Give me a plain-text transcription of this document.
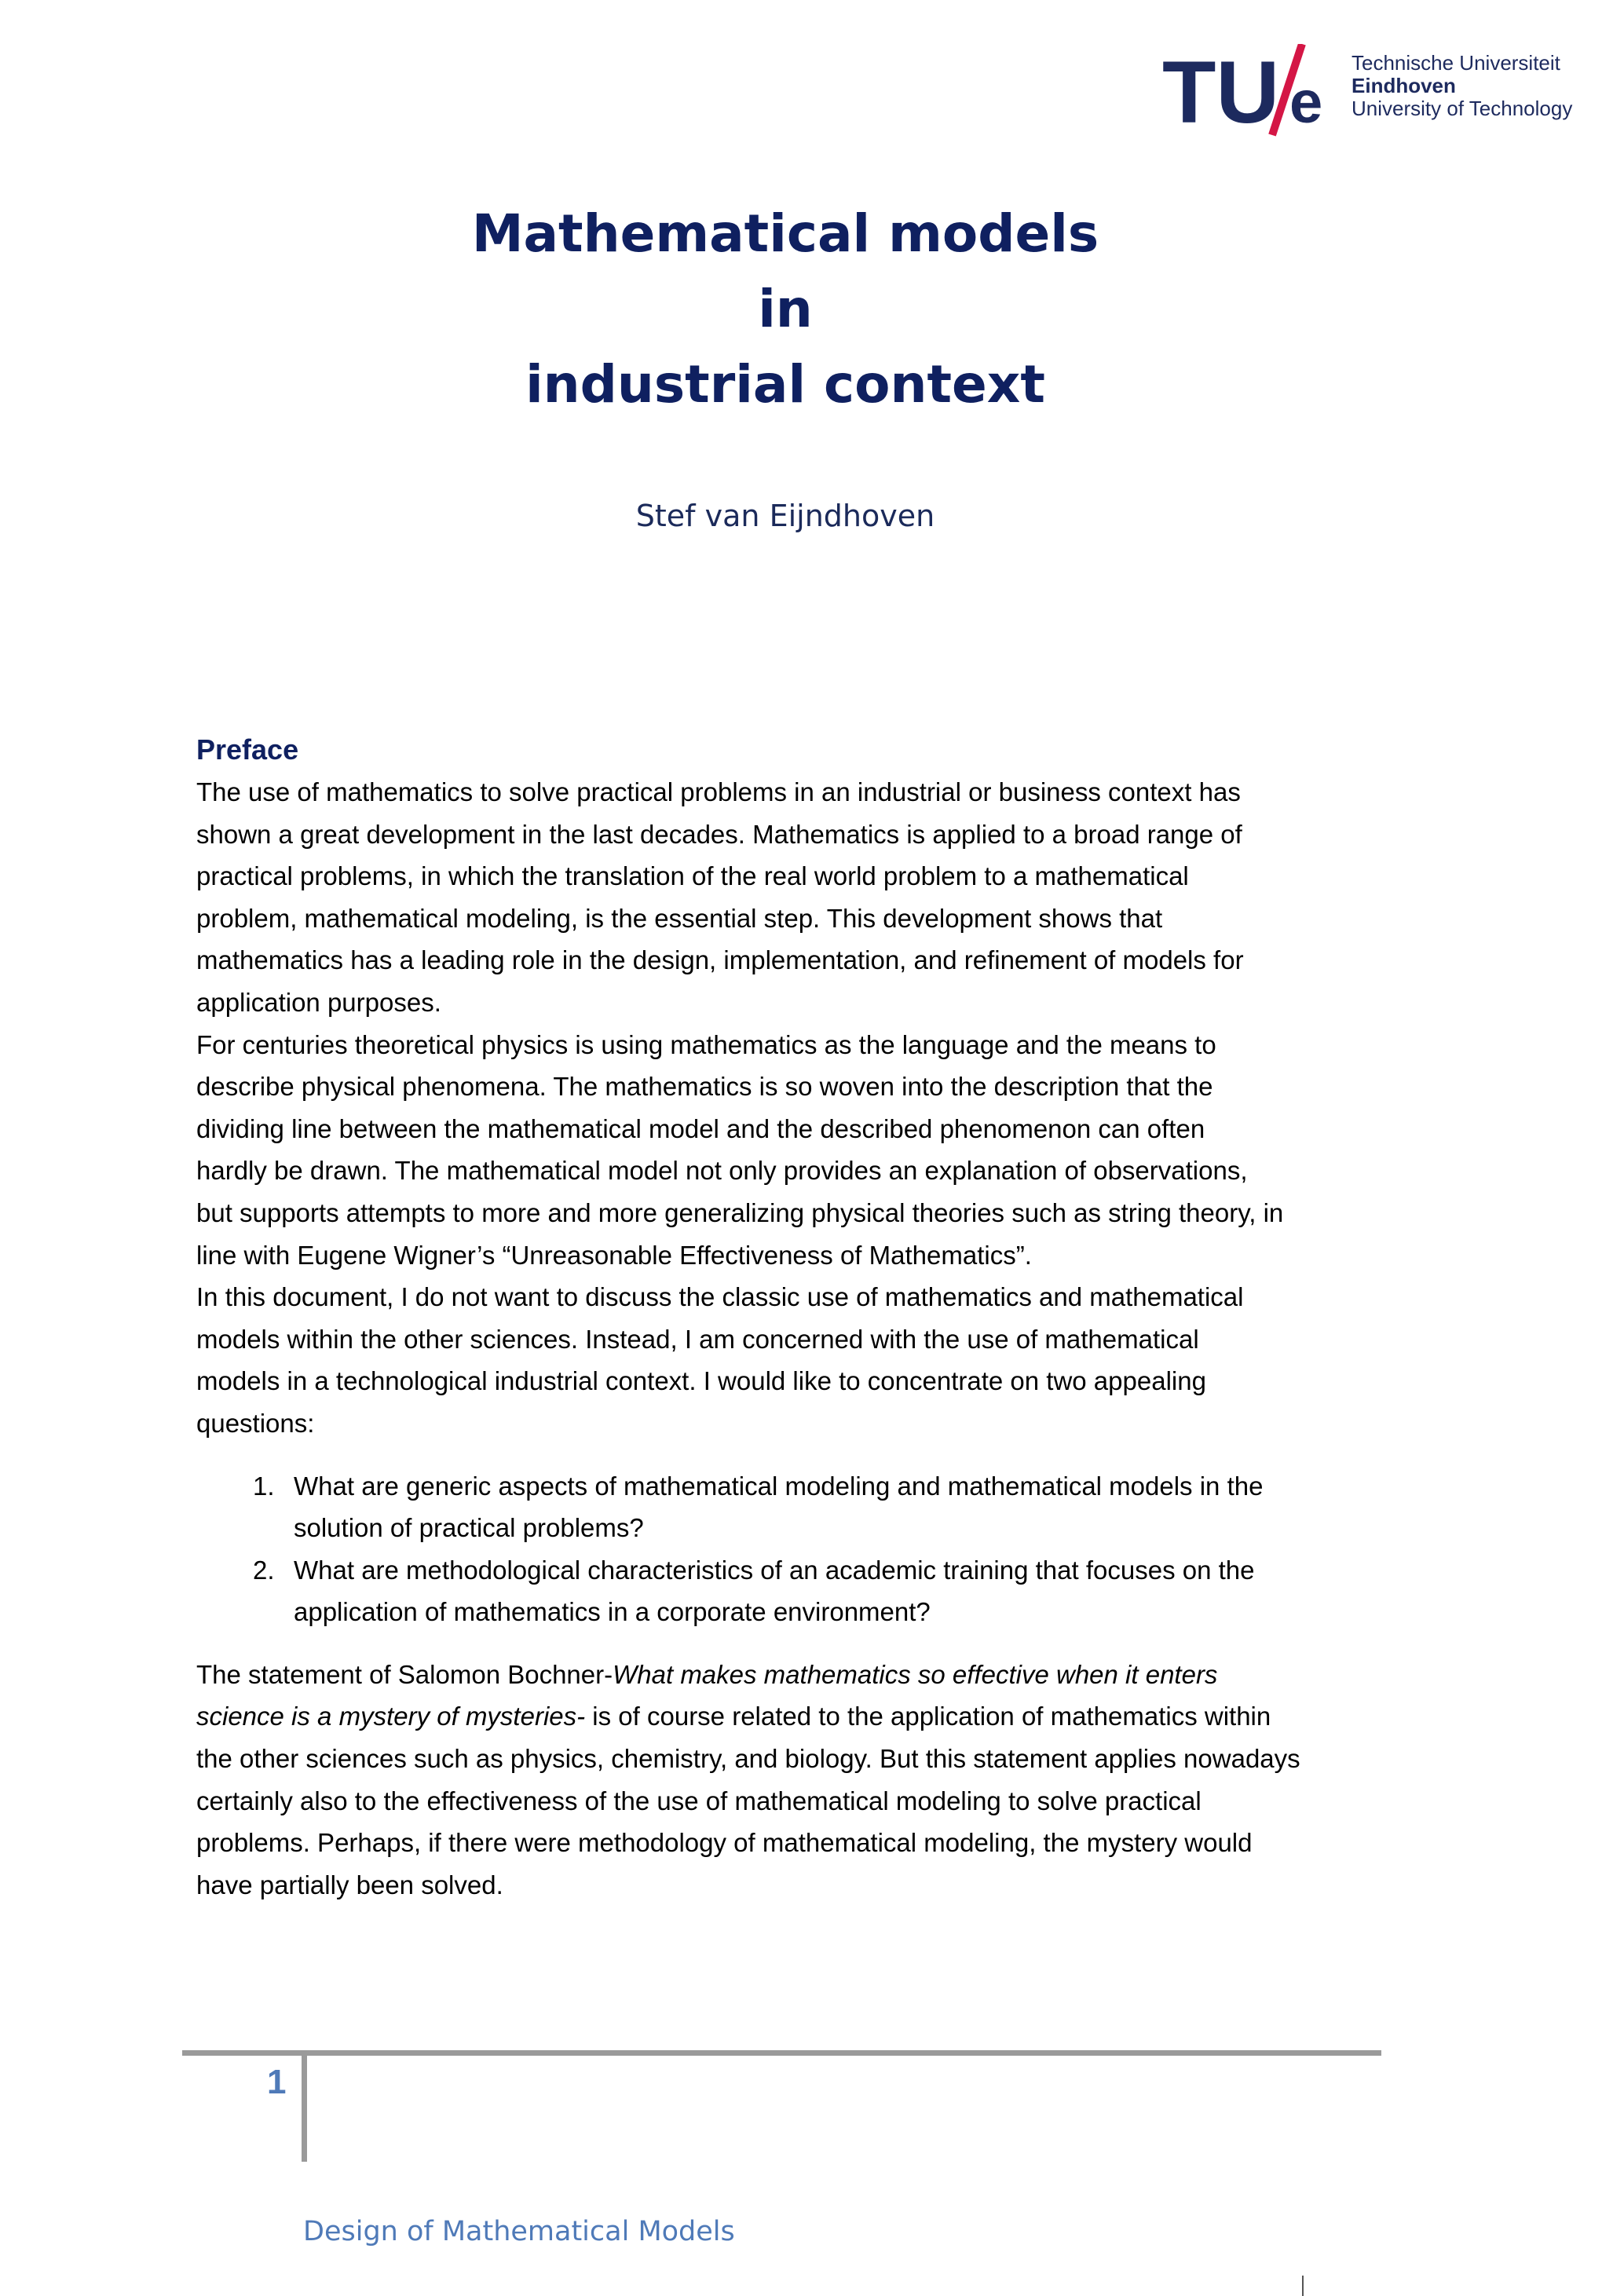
TU e
Technische Universiteit
Eindhoven
University of Technology
Mathematical models
in
industrial context
Stef van Eijndhoven

Preface

The use of mathematics to solve practical problems in an industrial or business context has

shown a great development in the last decades. Mathematics is applied to a broad range of

practical problems, in which the translation of the real world problem to a mathematical

problem, mathematical modeling, is the essential step. This development shows that

mathematics has a leading role in the design, implementation, and refinement of models for

application purposes.

For centuries theoretical physics is using mathematics as the language and the means to

describe physical phenomena. The mathematics is so woven into the description that the

dividing line between the mathematical model and the described phenomenon can often

hardly be drawn. The mathematical model not only provides an explanation of observations,

but supports attempts to more and more generalizing physical theories such as string theory, in

line with Eugene Wigner’s “Unreasonable Effectiveness of Mathematics”.

In this document, I do not want to discuss the classic use of mathematics and mathematical

models within the other sciences. Instead, I am concerned with the use of mathematical

models in a technological industrial context. I would like to concentrate on two appealing

questions:

1. What are generic aspects of mathematical modeling and mathematical models in the
solution of practical problems?
2. What are methodological characteristics of an academic training that focuses on the
application of mathematics in a corporate environment?

The statement of Salomon Bochner-What makes mathematics so effective when it enters

science is a mystery of mysteries- is of course related to the application of mathematics within

the other sciences such as physics, chemistry, and biology. But this statement applies nowadays

certainly also to the effectiveness of the use of mathematical modeling to solve practical

problems. Perhaps, if there were methodology of mathematical modeling, the mystery would

have partially been solved.

1
Design of Mathematical Models
